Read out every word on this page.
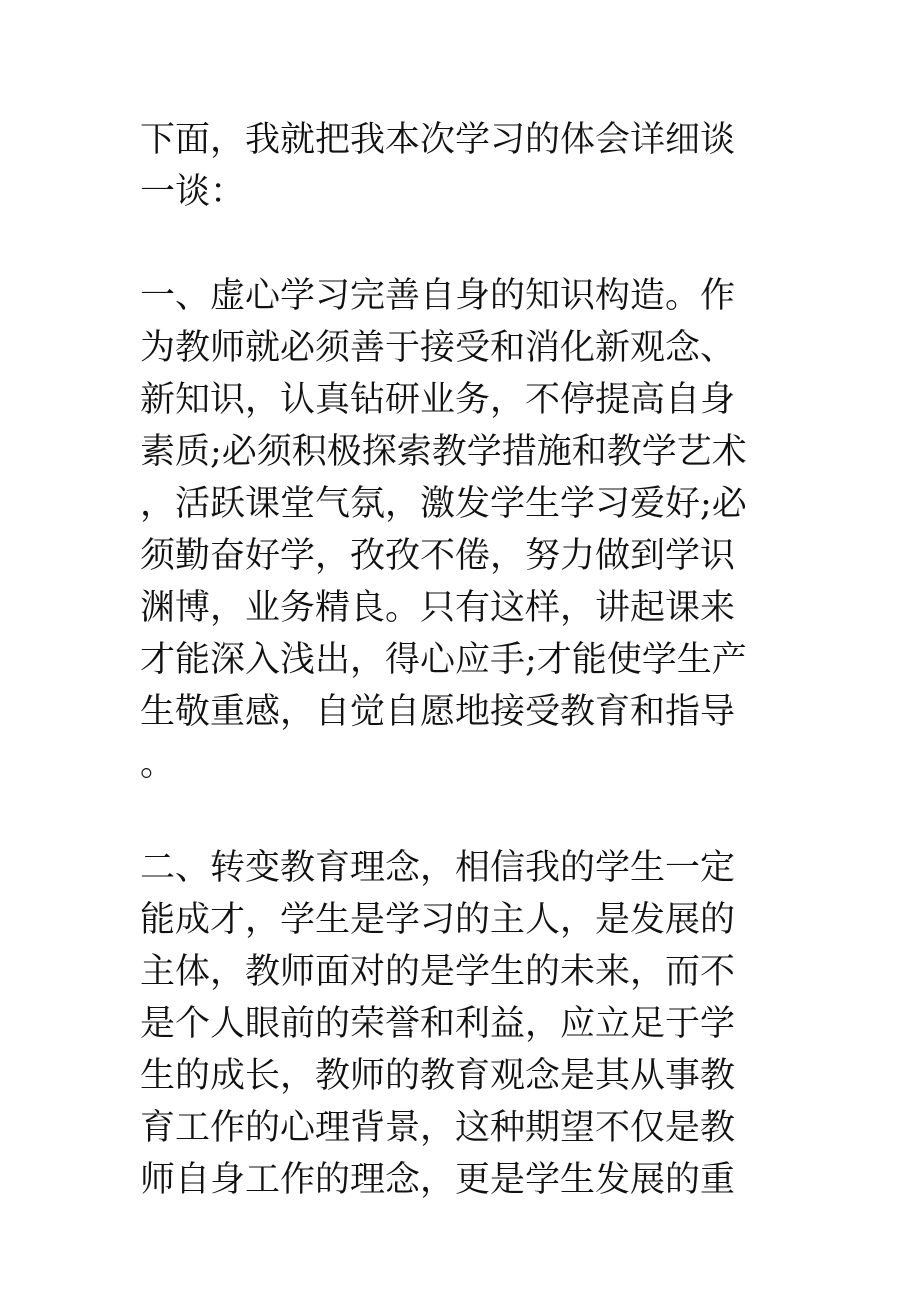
下面，我就把我本次学习的体会详细谈
一谈：
一、虚心学习完善自身的知识构造。作
为教师就必须善于接受和消化新观念、
新知识，认真钻研业务，不停提高自身
素质;必须积极探索教学措施和教学艺术
，活跃课堂气氛，激发学生学习爱好;必
须勤奋好学，孜孜不倦，努力做到学识
渊博，业务精良。只有这样，讲起课来
才能深入浅出，得心应手;才能使学生产
生敬重感，自觉自愿地接受教育和指导
。
二、转变教育理念，相信我的学生一定
能成才，学生是学习的主人，是发展的
主体，教师面对的是学生的未来，而不
是个人眼前的荣誉和利益，应立足于学
生的成长，教师的教育观念是其从事教
育工作的心理背景，这种期望不仅是教
师自身工作的理念，更是学生发展的重
